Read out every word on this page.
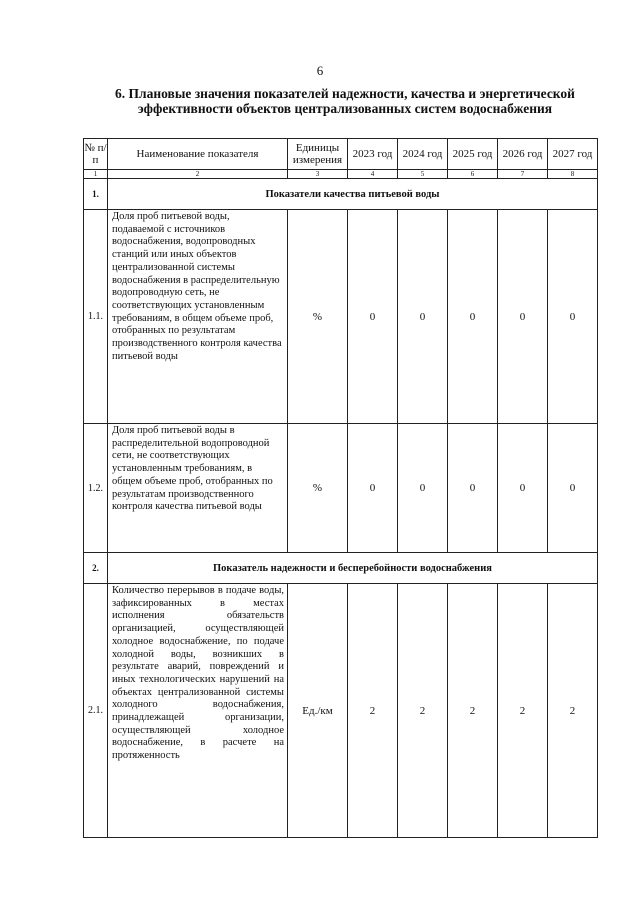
6
6. Плановые значения показателей надежности, качества и энергетической эффективности объектов централизованных систем водоснабжения
№ п/п	Наименование показателя	Единицы измерения	2023 год	2024 год	2025 год	2026 год	2027 год
1	2	3	4	5	6	7	8
1.	Показатели качества питьевой воды						
1.1.	Доля проб питьевой воды, подаваемой с источников водоснабжения, водопроводных станций или иных объектов централизованной системы водоснабжения в распределительную водопроводную сеть, не соответствующих установленным требованиям, в общем объеме проб, отобранных по результатам производственного контроля качества питьевой воды	%	0	0	0	0	0
1.2.	Доля проб питьевой воды в распределительной водопроводной сети, не соответствующих установленным требованиям, в общем объеме проб, отобранных по результатам производственного контроля качества питьевой воды	%	0	0	0	0	0
2.	Показатель надежности и бесперебойности водоснабжения						
2.1.	Количество перерывов в подаче воды, зафиксированных в местах исполнения обязательств организацией, осуществляющей холодное водоснабжение, по подаче холодной воды, возникших в результате аварий, повреждений и иных технологических нарушений на объектах централизованной системы холодного водоснабжения, принадлежащей организации, осуществляющей холодное водоснабжение, в расчете на протяженность	Ед./км	2	2	2	2	2
